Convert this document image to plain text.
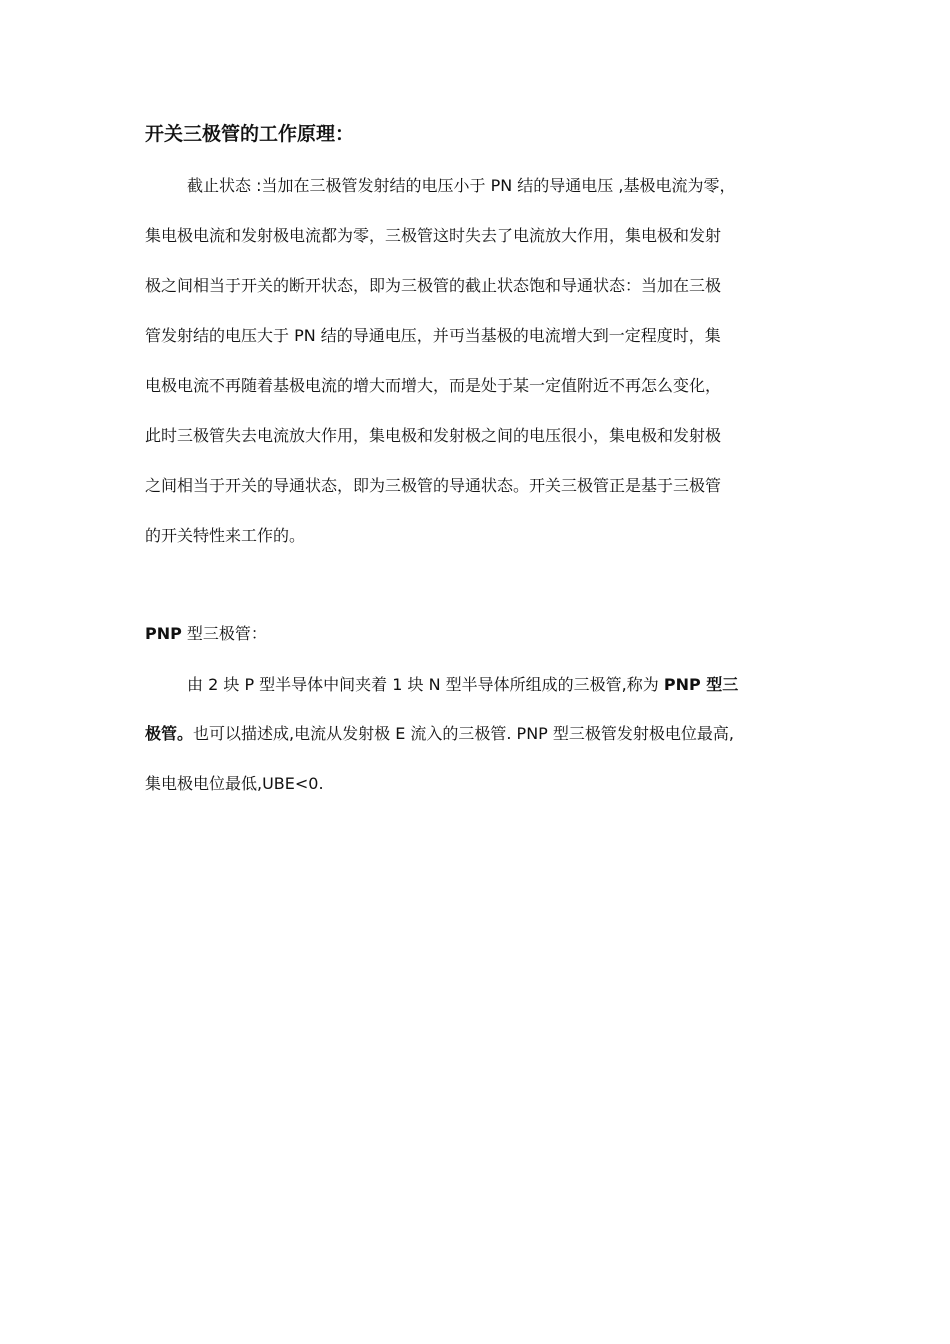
开关三极管的工作原理：
截止状态 :当加在三极管发射结的电压小于 PN 结的导通电压 ,基极电流为零，
集电极电流和发射极电流都为零，三极管这时失去了电流放大作用，集电极和发射
极之间相当于开关的断开状态，即为三极管的截止状态饱和导通状态：当加在三极
管发射结的电压大于 PN 结的导通电压，并丏当基极的电流增大到一定程度时，集
电极电流不再随着基极电流的增大而增大，而是处于某一定值附近不再怎么变化，
此时三极管失去电流放大作用，集电极和发射极之间的电压很小，集电极和发射极
之间相当于开关的导通状态，即为三极管的导通状态。开关三极管正是基于三极管
的开关特性来工作的。
PNP 型三极管：
由 2 块 P 型半导体中间夹着 1 块 N 型半导体所组成的三极管,称为 PNP 型三
极管。也可以描述成,电流从发射极 E 流入的三极管. PNP 型三极管发射极电位最高,
集电极电位最低,UBE<0.
